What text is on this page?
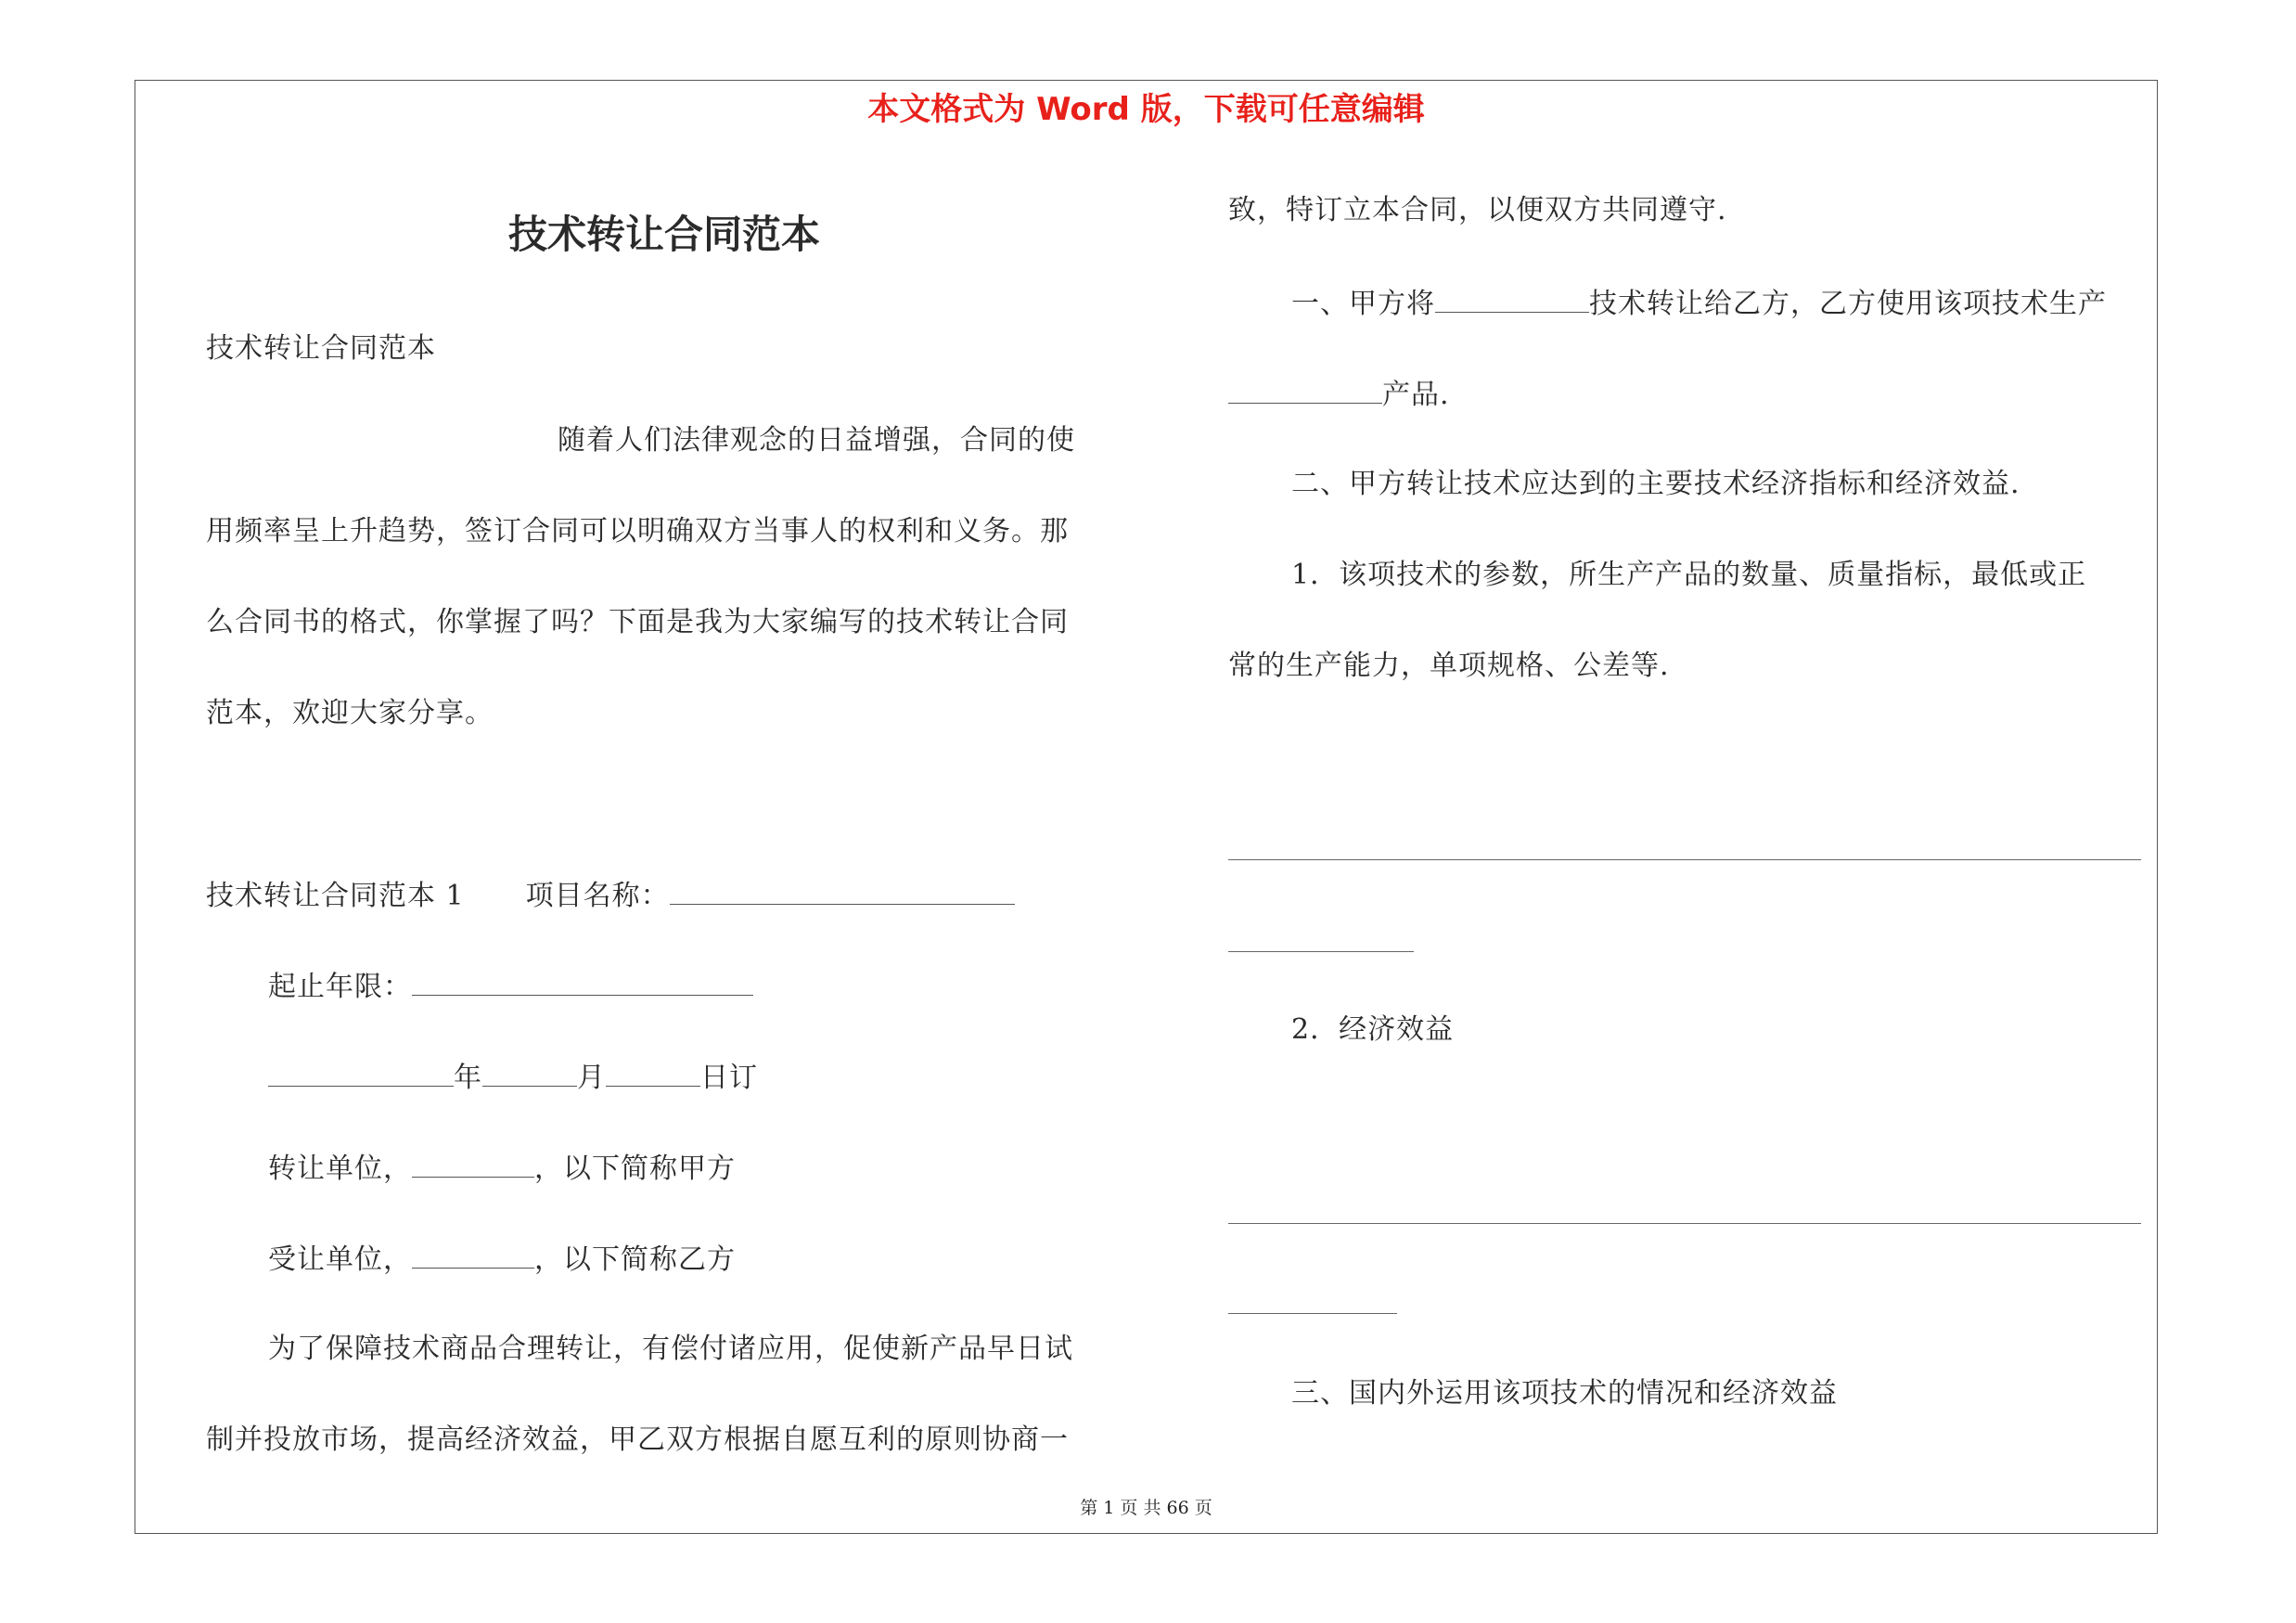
本文格式为 Word 版，下载可任意编辑
技术转让合同范本
技术转让合同范本
随着人们法律观念的日益增强，合同的使
用频率呈上升趋势，签订合同可以明确双方当事人的权利和义务。那
么合同书的格式，你掌握了吗？下面是我为大家编写的技术转让合同
范本，欢迎大家分享。
技术转让合同范本 1 项目名称：
起止年限：
年	月	日订
转让单位，	，以下简称甲方
受让单位，	，以下简称乙方
为了保障技术商品合理转让，有偿付诸应用，促使新产品早日试
制并投放市场，提高经济效益，甲乙双方根据自愿互利的原则协商一
致，特订立本合同，以便双方共同遵守.
一、甲方将	技术转让给乙方，乙方使用该项技术生产
产品.
二、甲方转让技术应达到的主要技术经济指标和经济效益.
1．该项技术的参数，所生产产品的数量、质量指标，最低或正
常的生产能力，单项规格、公差等.
2．经济效益
三、国内外运用该项技术的情况和经济效益
第 1 页 共 66 页
